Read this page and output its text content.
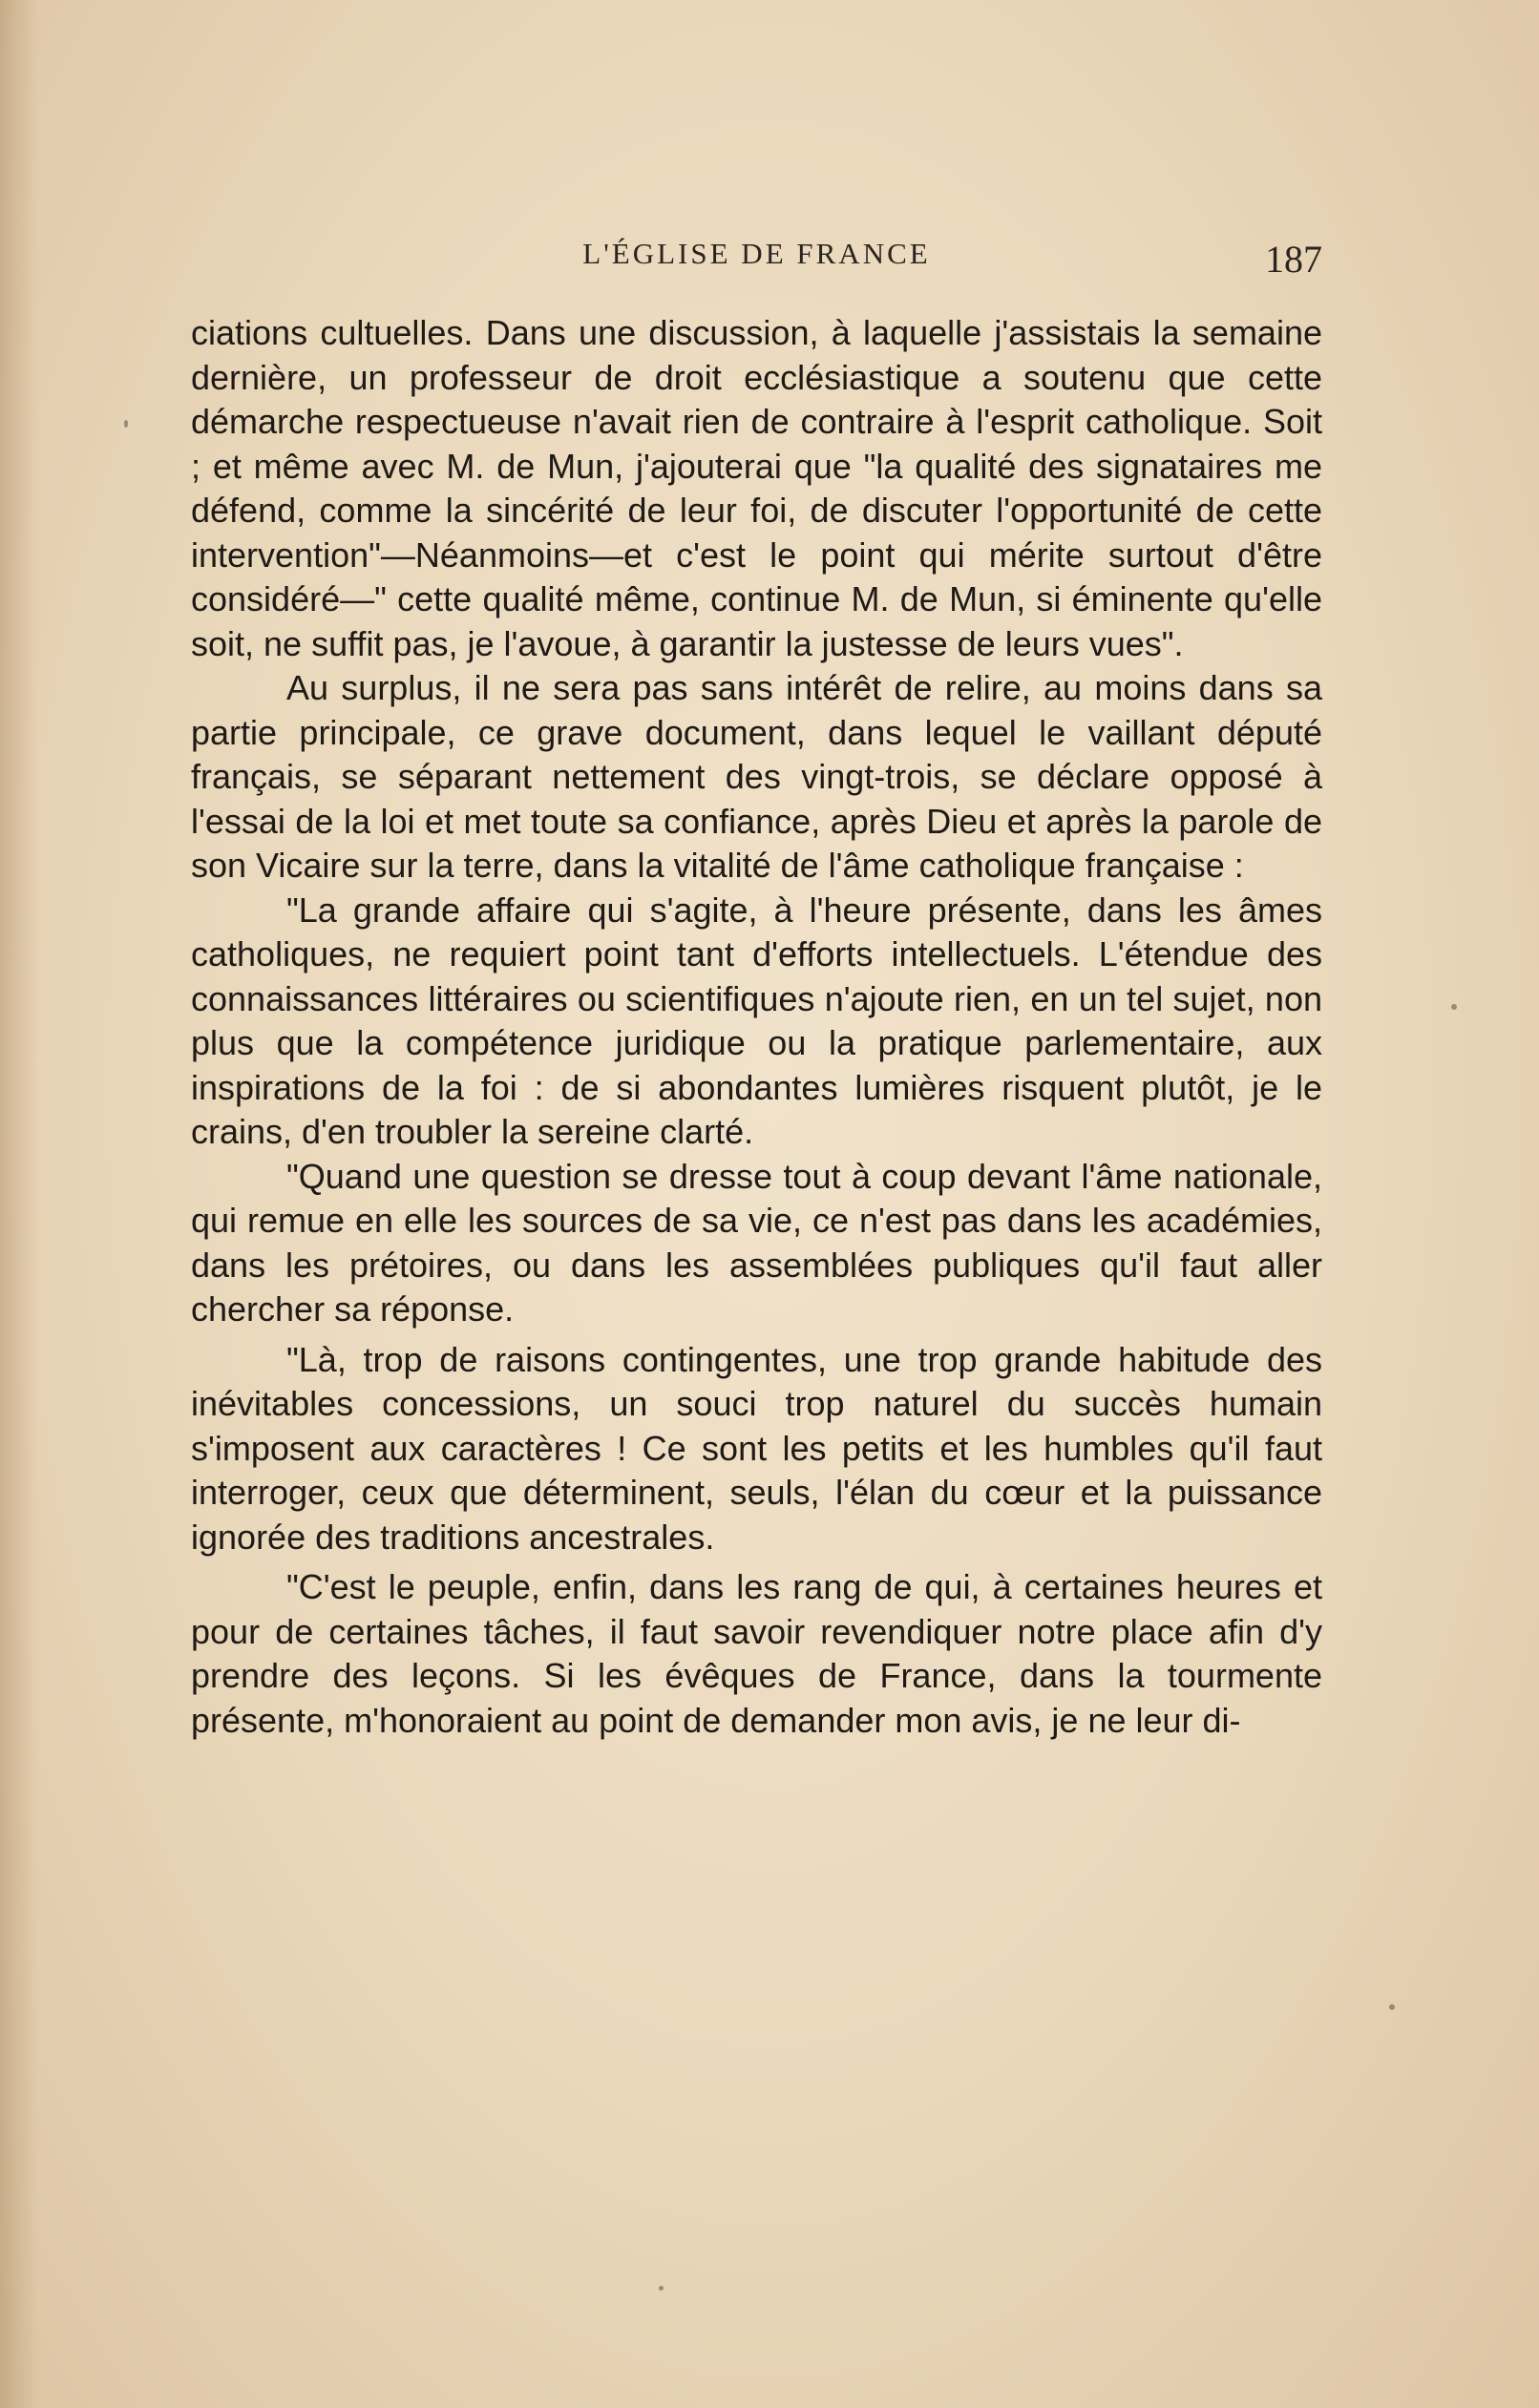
L'ÉGLISE DE FRANCE	187

ciations cultuelles. Dans une discussion, à laquelle j'assistais la semaine dernière, un professeur de droit ecclésiastique a soutenu que cette démarche respectueuse n'avait rien de contraire à l'esprit catholique. Soit ; et même avec M. de Mun, j'ajouterai que "la qualité des signataires me défend, comme la sincérité de leur foi, de discuter l'opportunité de cette intervention"—Néanmoins—et c'est le point qui mérite surtout d'être considéré—" cette qualité même, continue M. de Mun, si éminente qu'elle soit, ne suffit pas, je l'avoue, à garantir la justesse de leurs vues".

Au surplus, il ne sera pas sans intérêt de relire, au moins dans sa partie principale, ce grave document, dans lequel le vaillant député français, se séparant nettement des vingt-trois, se déclare opposé à l'essai de la loi et met toute sa confiance, après Dieu et après la parole de son Vicaire sur la terre, dans la vitalité de l'âme catholique française :

"La grande affaire qui s'agite, à l'heure présente, dans les âmes catholiques, ne requiert point tant d'efforts intellectuels. L'étendue des connaissances littéraires ou scientifiques n'ajoute rien, en un tel sujet, non plus que la compétence juridique ou la pratique parlementaire, aux inspirations de la foi : de si abondantes lumières risquent plutôt, je le crains, d'en troubler la sereine clarté.

"Quand une question se dresse tout à coup devant l'âme nationale, qui remue en elle les sources de sa vie, ce n'est pas dans les académies, dans les prétoires, ou dans les assemblées publiques qu'il faut aller chercher sa réponse.

"Là, trop de raisons contingentes, une trop grande habitude des inévitables concessions, un souci trop naturel du succès humain s'imposent aux caractères ! Ce sont les petits et les humbles qu'il faut interroger, ceux que déterminent, seuls, l'élan du cœur et la puissance ignorée des traditions ancestrales.

"C'est le peuple, enfin, dans les rang de qui, à certaines heures et pour de certaines tâches, il faut savoir revendiquer notre place afin d'y prendre des leçons. Si les évêques de France, dans la tourmente présente, m'honoraient au point de demander mon avis, je ne leur di-
